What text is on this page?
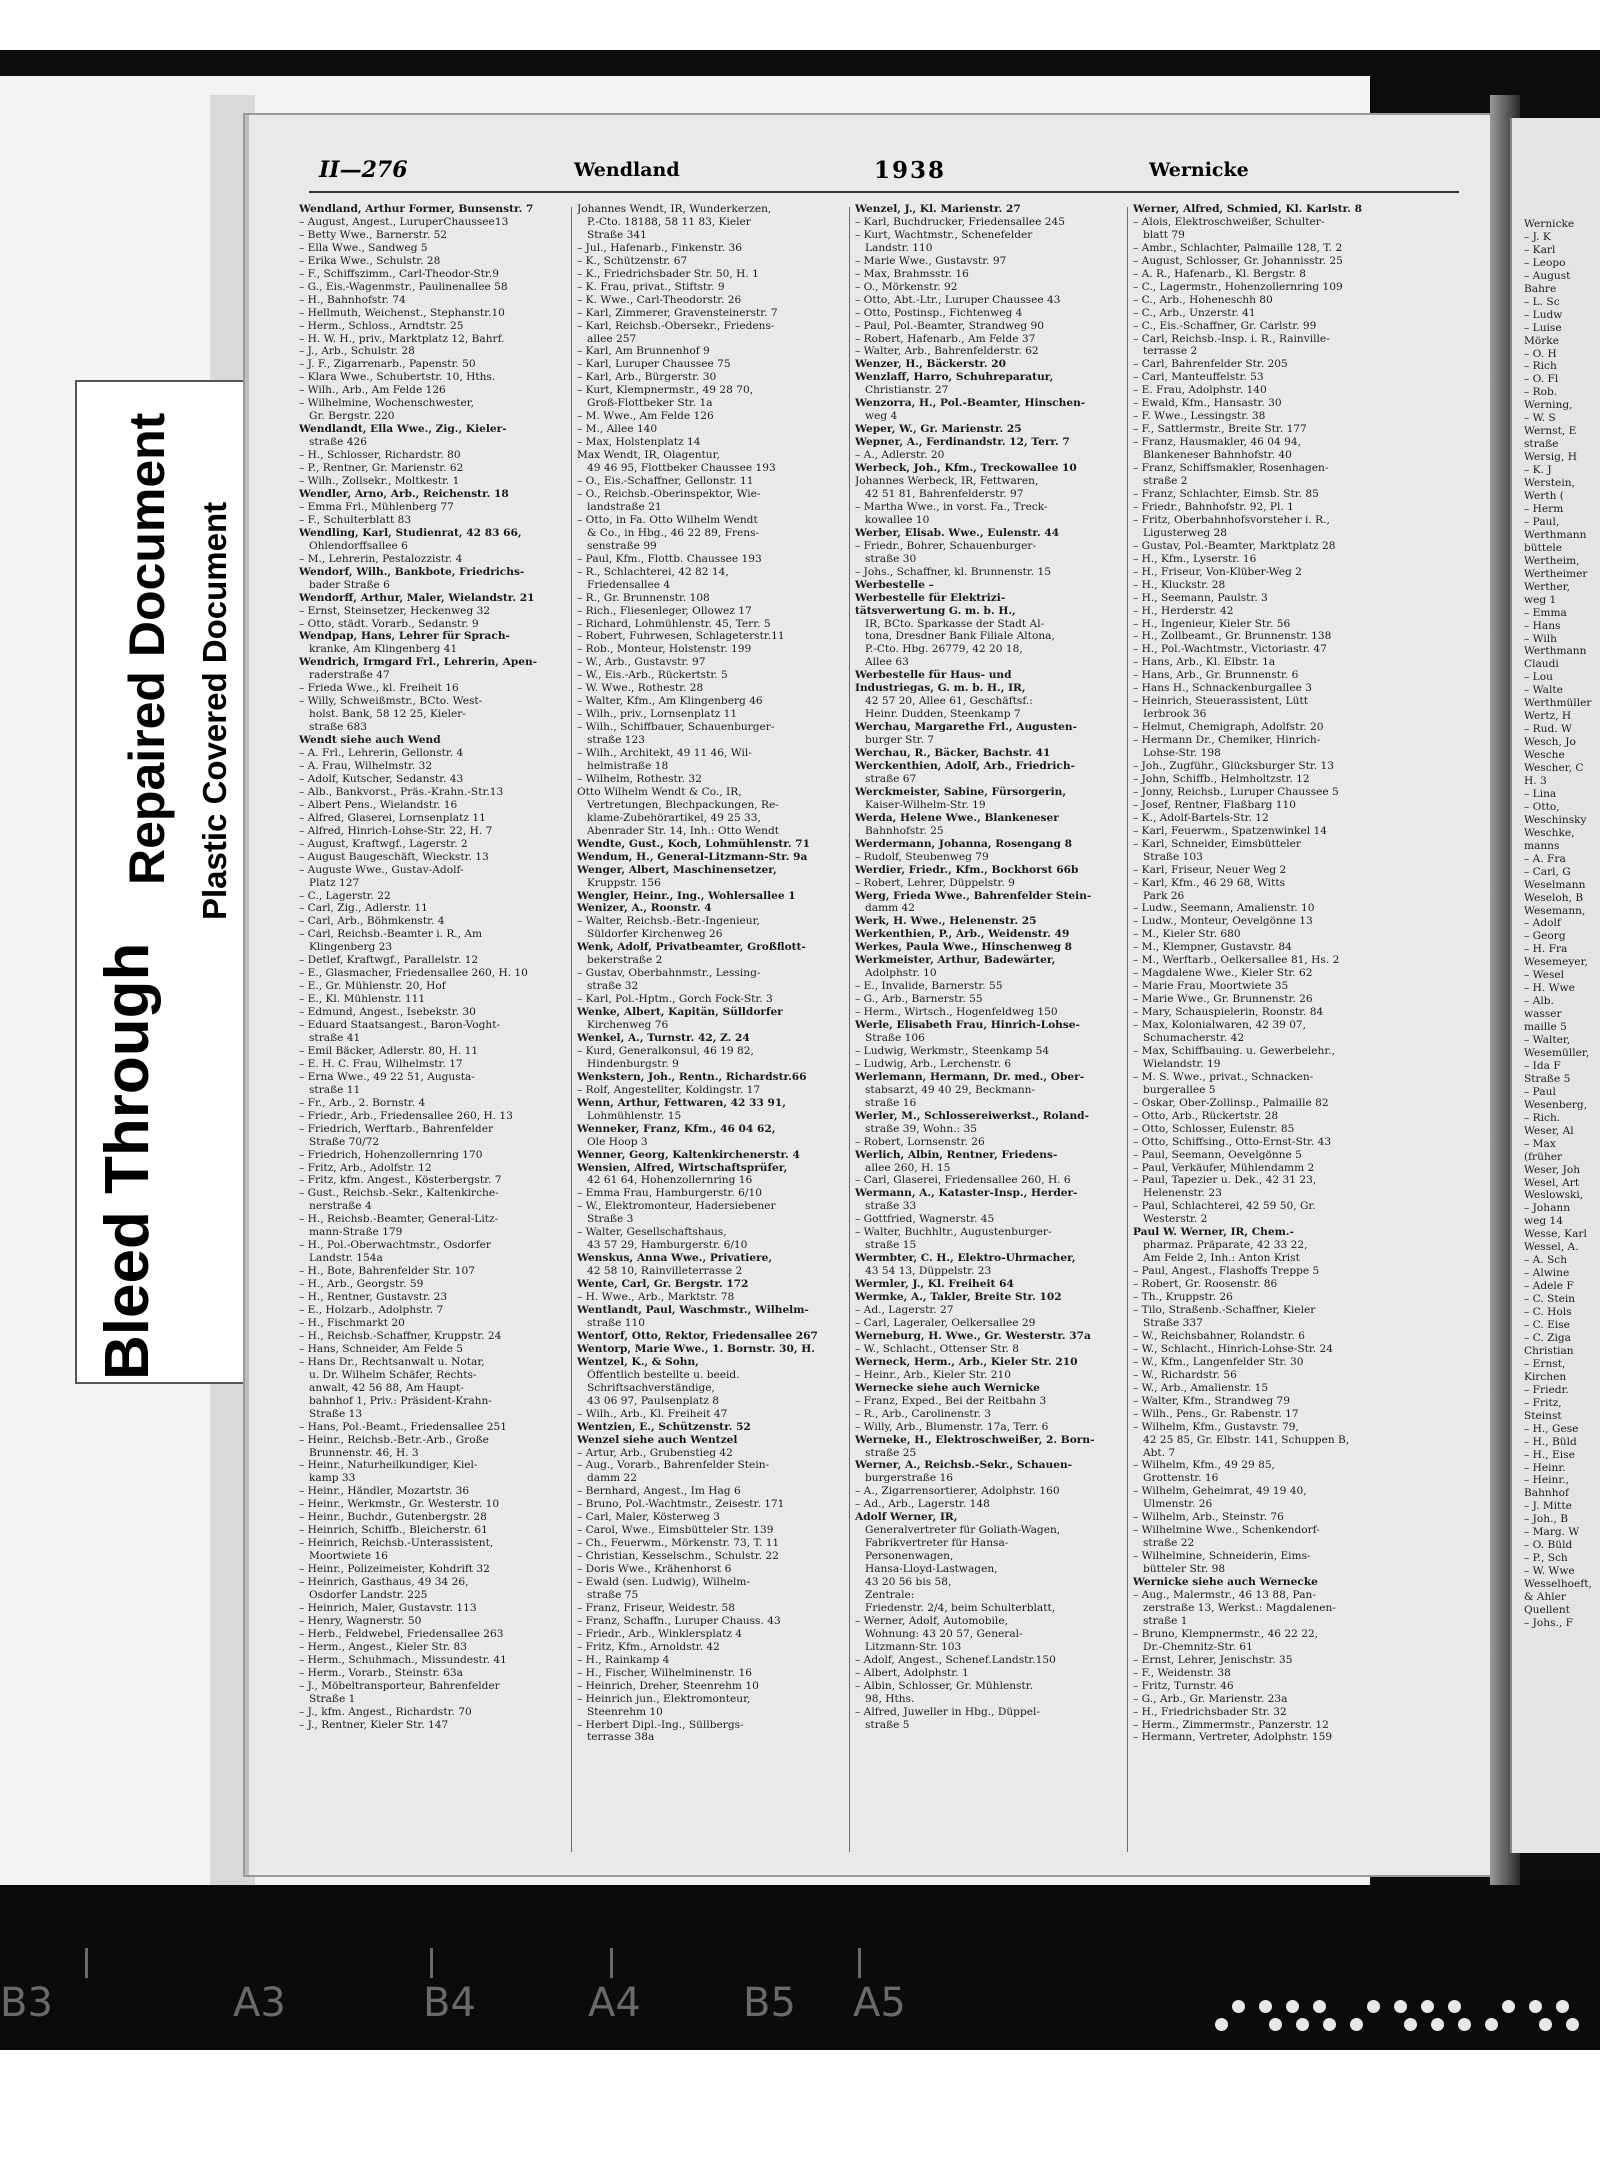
Bleed Through
Repaired Document Plastic Covered Document
II—276	Wendland	1938	Wernicke
Wendland, Arthur Former, Bunsenstr. 7
– August, Angest., LuruperChaussee13
– Betty Wwe., Barnerstr. 52
– Ella Wwe., Sandweg 5
– Erika Wwe., Schulstr. 28
– F., Schiffszimm., Carl-Theodor-Str.9
– G., Eis.-Wagenmstr., Paulinenallee 58
– H., Bahnhofstr. 74
– Hellmuth, Weichenst., Stephanstr.10
– Herm., Schloss., Arndtstr. 25
– H. W. H., priv., Marktplatz 12, Bahrf.
– J., Arb., Schulstr. 28
– J. F., Zigarrenarb., Papenstr. 50
– Klara Wwe., Schubertstr. 10, Hths.
– Wilh., Arb., Am Felde 126
– Wilhelmine, Wochenschwester,
Gr. Bergstr. 220
Wendlandt, Ella Wwe., Zig., Kieler-
straße 426
– H., Schlosser, Richardstr. 80
– P., Rentner, Gr. Marienstr. 62
– Wilh., Zollsekr., Moltkestr. 1
Wendler, Arno, Arb., Reichenstr. 18
– Emma Frl., Mühlenberg 77
– F., Schulterblatt 83
Wendling, Karl, Studienrat, 42 83 66,
Ohlendorffsallee 6
– M., Lehrerin, Pestalozzistr. 4
Wendorf, Wilh., Bankbote, Friedrichs-
bader Straße 6
Wendorff, Arthur, Maler, Wielandstr. 21
– Ernst, Steinsetzer, Heckenweg 32
– Otto, städt. Vorarb., Sedanstr. 9
Wendpap, Hans, Lehrer für Sprach-
kranke, Am Klingenberg 41
Wendrich, Irmgard Frl., Lehrerin, Apen-
raderstraße 47
– Frieda Wwe., kl. Freiheit 16
– Willy, Schweißmstr., BCto. West-
holst. Bank, 58 12 25, Kieler-
straße 683
Wendt siehe auch Wend
– A. Frl., Lehrerin, Gellonstr. 4
– A. Frau, Wilhelmstr. 32
– Adolf, Kutscher, Sedanstr. 43
– Alb., Bankvorst., Präs.-Krahn.-Str.13
– Albert Pens., Wielandstr. 16
– Alfred, Glaserei, Lornsenplatz 11
– Alfred, Hinrich-Lohse-Str. 22, H. 7
– August, Kraftwgf., Lagerstr. 2
– August Baugeschäft, Wieckstr. 13
– Auguste Wwe., Gustav-Adolf-
Platz 127
– C., Lagerstr. 22
– Carl, Zig., Adlerstr. 11
– Carl, Arb., Böhmkenstr. 4
– Carl, Reichsb.-Beamter i. R., Am
Klingenberg 23
– Detlef, Kraftwgf., Parallelstr. 12
– E., Glasmacher, Friedensallee 260, H. 10
– E., Gr. Mühlenstr. 20, Hof
– E., Kl. Mühlenstr. 111
– Edmund, Angest., Isebekstr. 30
– Eduard Staatsangest., Baron-Voght-
straße 41
– Emil Bäcker, Adlerstr. 80, H. 11
– E. H. C. Frau, Wilhelmstr. 17
– Erna Wwe., 49 22 51, Augusta-
straße 11
– Fr., Arb., 2. Bornstr. 4
– Friedr., Arb., Friedensallee 260, H. 13
– Friedrich, Werftarb., Bahrenfelder
Straße 70/72
– Friedrich, Hohenzollernring 170
– Fritz, Arb., Adolfstr. 12
– Fritz, kfm. Angest., Kösterbergstr. 7
– Gust., Reichsb.-Sekr., Kaltenkirche-
nerstraße 4
– H., Reichsb.-Beamter, General-Litz-
mann-Straße 179
– H., Pol.-Oberwachtmstr., Osdorfer
Landstr. 154a
– H., Bote, Bahrenfelder Str. 107
– H., Arb., Georgstr. 59
– H., Rentner, Gustavstr. 23
– E., Holzarb., Adolphstr. 7
– H., Fischmarkt 20
– H., Reichsb.-Schaffner, Kruppstr. 24
– Hans, Schneider, Am Felde 5
– Hans Dr., Rechtsanwalt u. Notar,
u. Dr. Wilhelm Schäfer, Rechts-
anwalt, 42 56 88, Am Haupt-
bahnhof 1, Priv.: Präsident-Krahn-
Straße 13
– Hans, Pol.-Beamt., Friedensallee 251
– Heinr., Reichsb.-Betr.-Arb., Große
Brunnenstr. 46, H. 3
– Heinr., Naturheilkundiger, Kiel-
kamp 33
– Heinr., Händler, Mozartstr. 36
– Heinr., Werkmstr., Gr. Westerstr. 10
– Heinr., Buchdr., Gutenbergstr. 28
– Heinrich, Schiffb., Bleicherstr. 61
– Heinrich, Reichsb.-Unterassistent,
Moortwiete 16
– Heinr., Polizeimeister, Kohdrift 32
– Heinrich, Gasthaus, 49 34 26,
Osdorfer Landstr. 225
– Heinrich, Maler, Gustavstr. 113
– Henry, Wagnerstr. 50
– Herb., Feldwebel, Friedensallee 263
– Herm., Angest., Kieler Str. 83
– Herm., Schuhmach., Missundestr. 41
– Herm., Vorarb., Steinstr. 63a
– J., Möbeltransporteur, Bahrenfelder
Straße 1
– J., kfm. Angest., Richardstr. 70
– J., Rentner, Kieler Str. 147
Johannes Wendt, IR, Wunderkerzen,
P.-Cto. 18188, 58 11 83, Kieler
Straße 341
– Jul., Hafenarb., Finkenstr. 36
– K., Schützenstr. 67
– K., Friedrichsbader Str. 50, H. 1
– K. Frau, privat., Stiftstr. 9
– K. Wwe., Carl-Theodorstr. 26
– Karl, Zimmerer, Gravensteinerstr. 7
– Karl, Reichsb.-Obersekr., Friedens-
allee 257
– Karl, Am Brunnenhof 9
– Karl, Luruper Chaussee 75
– Karl, Arb., Bürgerstr. 30
– Kurt, Klempnermstr., 49 28 70,
Groß-Flottbeker Str. 1a
– M. Wwe., Am Felde 126
– M., Allee 140
– Max, Holstenplatz 14
Max Wendt, IR, Olagentur,
49 46 95, Flottbeker Chaussee 193
– O., Eis.-Schaffner, Gellonstr. 11
– O., Reichsb.-Oberinspektor, Wie-
landstraße 21
– Otto, in Fa. Otto Wilhelm Wendt
& Co., in Hbg., 46 22 89, Frens-
senstraße 99
– Paul, Kfm., Flottb. Chaussee 193
– R., Schlachterei, 42 82 14,
Friedensallee 4
– R., Gr. Brunnenstr. 108
– Rich., Fliesenleger, Ollowez 17
– Richard, Lohmühlenstr. 45, Terr. 5
– Robert, Fuhrwesen, Schlageterstr.11
– Rob., Monteur, Holstenstr. 199
– W., Arb., Gustavstr. 97
– W., Eis.-Arb., Rückertstr. 5
– W. Wwe., Rothestr. 28
– Walter, Kfm., Am Klingenberg 46
– Wilh., priv., Lornsenplatz 11
– Wilh., Schiffbauer, Schauenburger-
straße 123
– Wilh., Architekt, 49 11 46, Wil-
helmistraße 18
– Wilhelm, Rothestr. 32
Otto Wilhelm Wendt & Co., IR,
Vertretungen, Blechpackungen, Re-
klame-Zubehörartikel, 49 25 33,
Abenrader Str. 14, Inh.: Otto Wendt
Wendte, Gust., Koch, Lohmühlenstr. 71
Wendum, H., General-Litzmann-Str. 9a
Wenger, Albert, Maschinensetzer,
Kruppstr. 156
Wengler, Heinr., Ing., Wohlersallee 1
Wenizer, A., Roonstr. 4
– Walter, Reichsb.-Betr.-Ingenieur,
Süldorfer Kirchenweg 26
Wenk, Adolf, Privatbeamter, Großflott-
bekerstraße 2
– Gustav, Oberbahnmstr., Lessing-
straße 32
– Karl, Pol.-Hptm., Gorch Fock-Str. 3
Wenke, Albert, Kapitän, Sülldorfer
Kirchenweg 76
Wenkel, A., Turnstr. 42, Z. 24
– Kurd, Generalkonsul, 46 19 82,
Hindenburgstr. 9
Wenkstern, Joh., Rentn., Richardstr.66
– Rolf, Angestellter, Koldingstr. 17
Wenn, Arthur, Fettwaren, 42 33 91,
Lohmühlenstr. 15
Wenneker, Franz, Kfm., 46 04 62,
Ole Hoop 3
Wenner, Georg, Kaltenkirchenerstr. 4
Wensien, Alfred, Wirtschaftsprüfer,
42 61 64, Hohenzollernring 16
– Emma Frau, Hamburgerstr. 6/10
– W., Elektromonteur, Hadersiebener
Straße 3
– Walter, Gesellschaftshaus,
43 57 29, Hamburgerstr. 6/10
Wenskus, Anna Wwe., Privatiere,
42 58 10, Rainvilleterrasse 2
Wente, Carl, Gr. Bergstr. 172
– H. Wwe., Arb., Marktstr. 78
Wentlandt, Paul, Waschmstr., Wilhelm-
straße 110
Wentorf, Otto, Rektor, Friedensallee 267
Wentorp, Marie Wwe., 1. Bornstr. 30, H.
Wentzel, K., & Sohn,
Öffentlich bestellte u. beeid.
Schriftsachverständige,
43 06 97, Paulsenplatz 8
– Wilh., Arb., Kl. Freiheit 47
Wentzien, E., Schützenstr. 52
Wenzel siehe auch Wentzel
– Artur, Arb., Grubenstieg 42
– Aug., Vorarb., Bahrenfelder Stein-
damm 22
– Bernhard, Angest., Im Hag 6
– Bruno, Pol.-Wachtmstr., Zeisestr. 171
– Carl, Maler, Kösterweg 3
– Carol, Wwe., Eimsbütteler Str. 139
– Ch., Feuerwm., Mörkenstr. 73, T. 11
– Christian, Kesselschm., Schulstr. 22
– Doris Wwe., Krähenhorst 6
– Ewald (sen. Ludwig), Wilhelm-
straße 75
– Franz, Friseur, Weidestr. 58
– Franz, Schaffn., Luruper Chauss. 43
– Friedr., Arb., Winklersplatz 4
– Fritz, Kfm., Arnoldstr. 42
– H., Rainkamp 4
– H., Fischer, Wilhelminenstr. 16
– Heinrich, Dreher, Steenrehm 10
– Heinrich jun., Elektromonteur,
Steenrehm 10
– Herbert Dipl.-Ing., Süllbergs-
terrasse 38a
Wenzel, J., Kl. Marienstr. 27
– Karl, Buchdrucker, Friedensallee 245
– Kurt, Wachtmstr., Schenefelder
Landstr. 110
– Marie Wwe., Gustavstr. 97
– Max, Brahmsstr. 16
– O., Mörkenstr. 92
– Otto, Abt.-Ltr., Luruper Chaussee 43
– Otto, Postinsp., Fichtenweg 4
– Paul, Pol.-Beamter, Strandweg 90
– Robert, Hafenarb., Am Felde 37
– Walter, Arb., Bahrenfelderstr. 62
Wenzer, H., Bäckerstr. 20
Wenzlaff, Harro, Schuhreparatur,
Christianstr. 27
Wenzorra, H., Pol.-Beamter, Hinschen-
weg 4
Weper, W., Gr. Marienstr. 25
Wepner, A., Ferdinandstr. 12, Terr. 7
– A., Adlerstr. 20
Werbeck, Joh., Kfm., Treckowallee 10
Johannes Werbeck, IR, Fettwaren,
42 51 81, Bahrenfelderstr. 97
– Martha Wwe., in vorst. Fa., Treck-
kowallee 10
Werber, Elisab. Wwe., Eulenstr. 44
– Friedr., Bohrer, Schauenburger-
straße 30
– Johs., Schaffner, kl. Brunnenstr. 15
Werbestelle –
Werbestelle für Elektrizi-
tätsverwertung G. m. b. H.,
IR, BCto. Sparkasse der Stadt Al-
tona, Dresdner Bank Filiale Altona,
P.-Cto. Hbg. 26779, 42 20 18,
Allee 63
Werbestelle für Haus- und
Industriegas, G. m. b. H., IR,
42 57 20, Allee 61, Geschäftsf.:
Heinr. Dudden, Steenkamp 7
Werchau, Margarethe Frl., Augusten-
burger Str. 7
Werchau, R., Bäcker, Bachstr. 41
Werckenthien, Adolf, Arb., Friedrich-
straße 67
Werckmeister, Sabine, Fürsorgerin,
Kaiser-Wilhelm-Str. 19
Werda, Helene Wwe., Blankeneser
Bahnhofstr. 25
Werdermann, Johanna, Rosengang 8
– Rudolf, Steubenweg 79
Werdier, Friedr., Kfm., Bockhorst 66b
– Robert, Lehrer, Düppelstr. 9
Werg, Frieda Wwe., Bahrenfelder Stein-
damm 42
Werk, H. Wwe., Helenenstr. 25
Werkenthien, P., Arb., Weidenstr. 49
Werkes, Paula Wwe., Hinschenweg 8
Werkmeister, Arthur, Badewärter,
Adolphstr. 10
– E., Invalide, Barnerstr. 55
– G., Arb., Barnerstr. 55
– Herm., Wirtsch., Hogenfeldweg 150
Werle, Elisabeth Frau, Hinrich-Lohse-
Straße 106
– Ludwig, Werkmstr., Steenkamp 54
– Ludwig, Arb., Lerchenstr. 6
Werlemann, Hermann, Dr. med., Ober-
stabsarzt, 49 40 29, Beckmann-
straße 16
Werler, M., Schlossereiwerkst., Roland-
straße 39, Wohn.: 35
– Robert, Lornsenstr. 26
Werlich, Albin, Rentner, Friedens-
allee 260, H. 15
– Carl, Glaserei, Friedensallee 260, H. 6
Wermann, A., Kataster-Insp., Herder-
straße 33
– Gottfried, Wagnerstr. 45
– Walter, Buchhltr., Augustenburger-
straße 15
Wermbter, C. H., Elektro-Uhrmacher,
43 54 13, Düppelstr. 23
Wermler, J., Kl. Freiheit 64
Wermke, A., Takler, Breite Str. 102
– Ad., Lagerstr. 27
– Carl, Lageraler, Oelkersallee 29
Werneburg, H. Wwe., Gr. Westerstr. 37a
– W., Schlacht., Ottenser Str. 8
Werneck, Herm., Arb., Kieler Str. 210
– Heinr., Arb., Kieler Str. 210
Wernecke siehe auch Wernicke
– Franz, Exped., Bei der Reitbahn 3
– R., Arb., Carolinenstr. 3
– Willy, Arb., Blumenstr. 17a, Terr. 6
Werneke, H., Elektroschweißer, 2. Born-
straße 25
Werner, A., Reichsb.-Sekr., Schauen-
burgerstraße 16
– A., Zigarrensortierer, Adolphstr. 160
– Ad., Arb., Lagerstr. 148
Adolf Werner, IR,
Generalvertreter für Goliath-Wagen,
Fabrikvertreter für Hansa-
Personenwagen,
Hansa-Lloyd-Lastwagen,
43 20 56 bis 58,
Zentrale:
Friedenstr. 2/4, beim Schulterblatt,
– Werner, Adolf, Automobile,
Wohnung: 43 20 57, General-
Litzmann-Str. 103
– Adolf, Angest., Schenef.Landstr.150
– Albert, Adolphstr. 1
– Albin, Schlosser, Gr. Mühlenstr.
98, Hths.
– Alfred, Juweller in Hbg., Düppel-
straße 5
Werner, Alfred, Schmied, Kl. Karlstr. 8
– Alois, Elektroschweißer, Schulter-
blatt 79
– Ambr., Schlachter, Palmaille 128, T. 2
– August, Schlosser, Gr. Johannisstr. 25
– A. R., Hafenarb., Kl. Bergstr. 8
– C., Lagermstr., Hohenzollernring 109
– C., Arb., Hoheneschh 80
– C., Arb., Unzerstr. 41
– C., Eis.-Schaffner, Gr. Carlstr. 99
– Carl, Reichsb.-Insp. i. R., Rainville-
terrasse 2
– Carl, Bahrenfelder Str. 205
– Carl, Manteuffelstr. 53
– E. Frau, Adolphstr. 140
– Ewald, Kfm., Hansastr. 30
– F. Wwe., Lessingstr. 38
– F., Sattlermstr., Breite Str. 177
– Franz, Hausmakler, 46 04 94,
Blankeneser Bahnhofstr. 40
– Franz, Schiffsmakler, Rosenhagen-
straße 2
– Franz, Schlachter, Eimsb. Str. 85
– Friedr., Bahnhofstr. 92, Pl. 1
– Fritz, Oberbahnhofsvorsteher i. R.,
Ligusterweg 28
– Gustav, Pol.-Beamter, Marktplatz 28
– H., Kfm., Lyserstr. 16
– H., Friseur, Von-Klüber-Weg 2
– H., Kluckstr. 28
– H., Seemann, Paulstr. 3
– H., Herderstr. 42
– H., Ingenieur, Kieler Str. 56
– H., Zollbeamt., Gr. Brunnenstr. 138
– H., Pol.-Wachtmstr., Victoriastr. 47
– Hans, Arb., Kl. Elbstr. 1a
– Hans, Arb., Gr. Brunnenstr. 6
– Hans H., Schnackenburgallee 3
– Heinrich, Steuerassistent, Lütt
Ierbrook 36
– Helmut, Chemigraph, Adolfstr. 20
– Hermann Dr., Chemiker, Hinrich-
Lohse-Str. 198
– Joh., Zugführ., Glücksburger Str. 13
– John, Schiffb., Helmholtzstr. 12
– Jonny, Reichsb., Luruper Chaussee 5
– Josef, Rentner, Flaßbarg 110
– K., Adolf-Bartels-Str. 12
– Karl, Feuerwm., Spatzenwinkel 14
– Karl, Schneider, Eimsbütteler
Straße 103
– Karl, Friseur, Neuer Weg 2
– Karl, Kfm., 46 29 68, Witts
Park 26
– Ludw., Seemann, Amalienstr. 10
– Ludw., Monteur, Oevelgönne 13
– M., Kieler Str. 680
– M., Klempner, Gustavstr. 84
– M., Werftarb., Oelkersallee 81, Hs. 2
– Magdalene Wwe., Kieler Str. 62
– Marie Frau, Moortwiete 35
– Marie Wwe., Gr. Brunnenstr. 26
– Mary, Schauspielerin, Roonstr. 84
– Max, Kolonialwaren, 42 39 07,
Schumacherstr. 42
– Max, Schiffbauing. u. Gewerbelehr.,
Wielandstr. 19
– M. S. Wwe., privat., Schnacken-
burgerallee 5
– Oskar, Ober-Zollinsp., Palmaille 82
– Otto, Arb., Rückertstr. 28
– Otto, Schlosser, Eulenstr. 85
– Otto, Schiffsing., Otto-Ernst-Str. 43
– Paul, Seemann, Oevelgönne 5
– Paul, Verkäufer, Mühlendamm 2
– Paul, Tapezier u. Dek., 42 31 23,
Helenenstr. 23
– Paul, Schlachterei, 42 59 50, Gr.
Westerstr. 2
Paul W. Werner, IR, Chem.-
pharmaz. Präparate, 42 33 22,
Am Felde 2, Inh.: Anton Krist
– Paul, Angest., Flashoffs Treppe 5
– Robert, Gr. Roosenstr. 86
– Th., Kruppstr. 26
– Tilo, Straßenb.-Schaffner, Kieler
Straße 337
– W., Reichsbahner, Rolandstr. 6
– W., Schlacht., Hinrich-Lohse-Str. 24
– W., Kfm., Langenfelder Str. 30
– W., Richardstr. 56
– W., Arb., Amalienstr. 15
– Walter, Kfm., Strandweg 79
– Wilh., Pens., Gr. Rabenstr. 17
– Wilhelm, Kfm., Gustavstr. 79,
42 25 85, Gr. Elbstr. 141, Schuppen B,
Abt. 7
– Wilhelm, Kfm., 49 29 85,
Grottenstr. 16
– Wilhelm, Geheimrat, 49 19 40,
Ulmenstr. 26
– Wilhelm, Arb., Steinstr. 76
– Wilhelmine Wwe., Schenkendorf-
straße 22
– Wilhelmine, Schneiderin, Eims-
bütteler Str. 98
Wernicke siehe auch Wernecke
– Aug., Malermstr., 46 13 88, Pan-
zerstraße 13, Werkst.: Magdalenen-
straße 1
– Bruno, Klempnermstr., 46 22 22,
Dr.-Chemnitz-Str. 61
– Ernst, Lehrer, Jenischstr. 35
– F., Weidenstr. 38
– Fritz, Turnstr. 46
– G., Arb., Gr. Marienstr. 23a
– H., Friedrichsbader Str. 32
– Herm., Zimmermstr., Panzerstr. 12
– Hermann, Vertreter, Adolphstr. 159
Wernicke
– J. K
– Karl
– Leopo
– August
Bahre
– L. Sc
– Ludw
– Luise
Mörke
– O. H
– Rich
– O. Fl
– Rob.
Werning,
– W. S
Wernst, E
straße
Wersig, H
– K. J
Werstein,
Werth (
– Herm
– Paul,
Werthmann
büttele
Wertheim,
Wertheimer
Werther,
weg 1
– Emma
– Hans
– Wilh
Werthmann
Claudi
– Lou
– Walte
Werthmüller
Wertz, H
– Rud. W
Wesch, Jo
Wesche
Wescher, C
H. 3
– Lina
– Otto,
Weschinsky
Weschke,
manns
– A. Fra
– Carl, G
Weselmann
Weseloh, B
Wesemann,
– Adolf
– Georg
– H. Fra
Wesemeyer,
– Wesel
– H. Wwe
– Alb.
wasser
maille 5
– Walter,
Wesemüller,
– Ida F
Straße 5
– Paul
Wesenberg,
– Rich.
Weser, Al
– Max
(früher
Weser, Joh
Wesel, Art
Weslowski,
– Johann
weg 14
Wesse, Karl
Wessel, A.
– A. Sch
– Alwine
– Adele F
– C. Stein
– C. Hols
– C. Eise
– C. Ziga
Christian
– Ernst,
Kirchen
– Friedr.
– Fritz,
Steinst
– H., Gese
– H., Büld
– H., Eise
– Heinr.
– Heinr.,
Bahnhof
– J. Mitte
– Joh., B
– Marg. W
– O. Büld
– P., Sch
– W. Wwe
Wesselhoeft,
& Ahler
Quellent
– Johs., F
B3	A3	B4	A4	B5 A5
